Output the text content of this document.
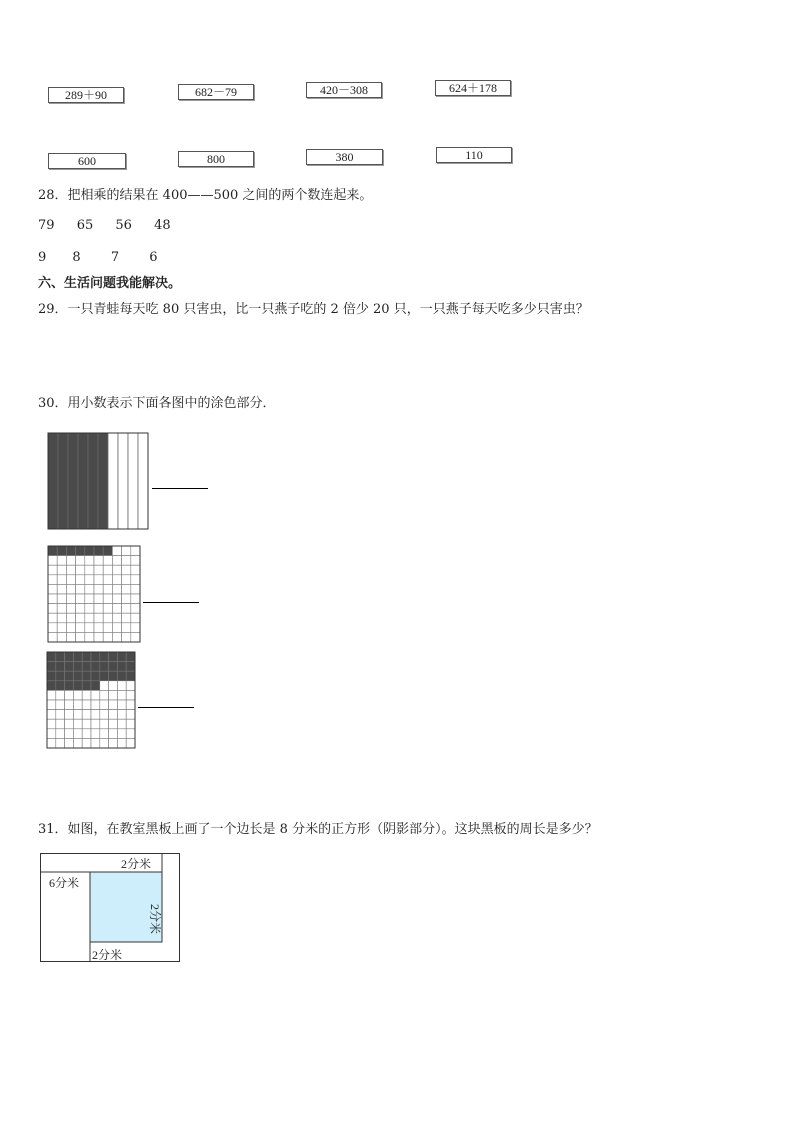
289＋90	682－79	420－308	624＋178
600	800	380	110
28．把相乘的结果在 400——500 之间的两个数连起来。
79 65 56 48
9 8 7 6
六、生活问题我能解决。
29．一只青蛙每天吃 80 只害虫，比一只燕子吃的 2 倍少 20 只，一只燕子每天吃多少只害虫？
30．用小数表示下面各图中的涂色部分．
31．如图，在教室黑板上画了一个边长是 8 分米的正方形（阴影部分）。这块黑板的周长是多少？
2分米
6分米
2分米
2分米
